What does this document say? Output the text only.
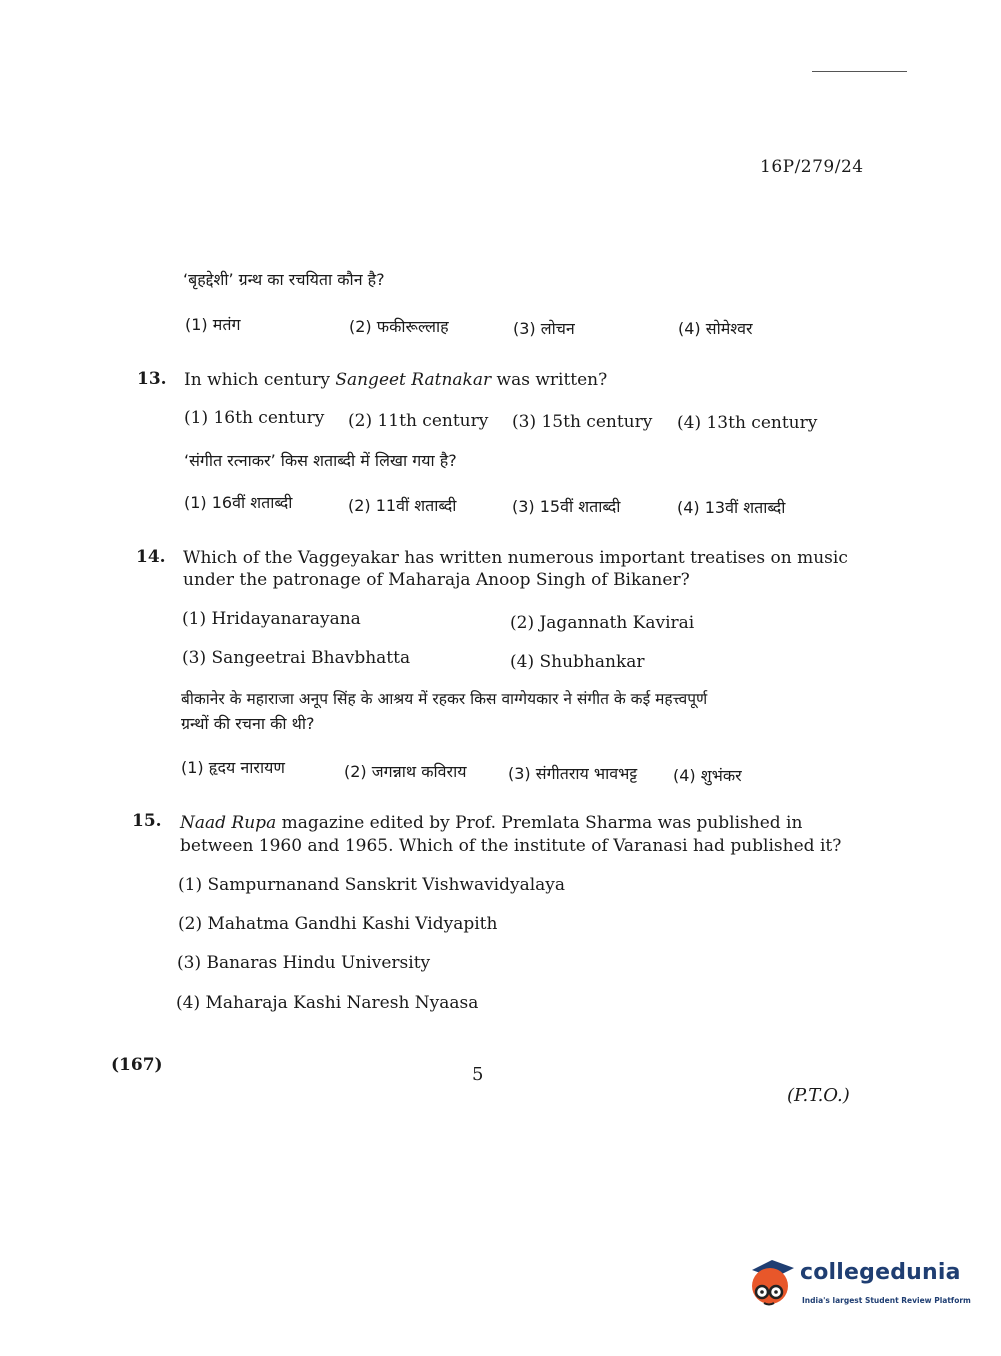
16P/279/24
‘बृहद्देशी’ ग्रन्थ का रचयिता कौन है?
(1) मतंग	(2) फकीरूल्लाह	(3) लोचन	(4) सोमेश्वर
13. In which century Sangeet Ratnakar was written?
(1) 16th century (2) 11th century (3) 15th century (4) 13th century
‘संगीत रत्नाकर’ किस शताब्दी में लिखा गया है?
(1) 16वीं शताब्दी	(2) 11वीं शताब्दी	(3) 15वीं शताब्दी	(4) 13वीं शताब्दी
14. Which of the Vaggeyakar has written numerous important treatises on music
under the patronage of Maharaja Anoop Singh of Bikaner?
(1) Hridayanarayana	(2) Jagannath Kavirai
(3) Sangeetrai Bhavbhatta	(4) Shubhankar
बीकानेर के महाराजा अनूप सिंह के आश्रय में रहकर किस वाग्गेयकार ने संगीत के कई महत्त्वपूर्ण
ग्रन्थों की रचना की थी?
(1) हृदय नारायण	(2) जगन्नाथ कविराय	(3) संगीतराय भावभट्ट (4) शुभंकर
15. Naad Rupa magazine edited by Prof. Premlata Sharma was published in
between 1960 and 1965. Which of the institute of Varanasi had published it?
(1) Sampurnanand Sanskrit Vishwavidyalaya
(2) Mahatma Gandhi Kashi Vidyapith
(3) Banaras Hindu University
(4) Maharaja Kashi Naresh Nyaasa
(167)	5
(P.T.O.)
collegedunia
India's largest Student Review Platform
